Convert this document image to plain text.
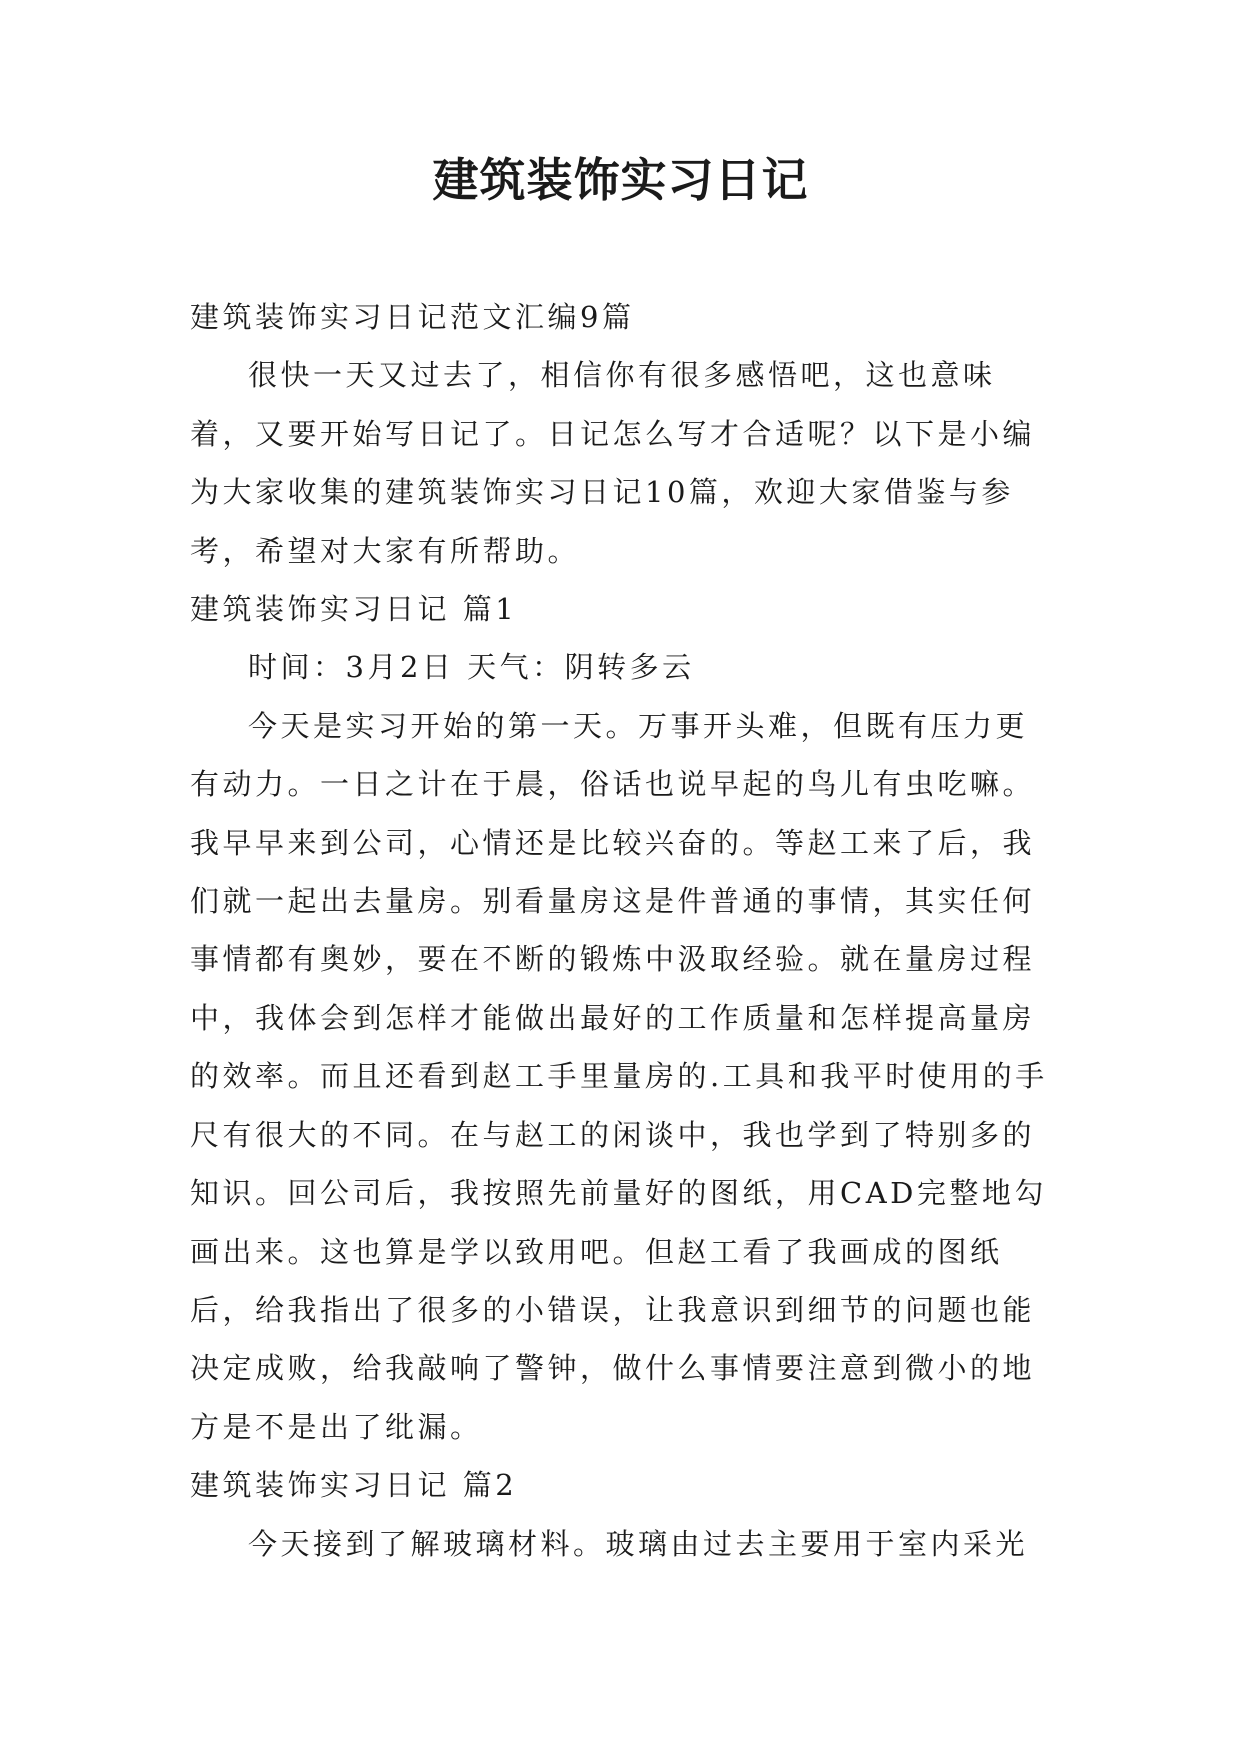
建筑装饰实习日记

建筑装饰实习日记范文汇编9篇

很快一天又过去了，相信你有很多感悟吧，这也意味着，又要开始写日记了。日记怎么写才合适呢？以下是小编为大家收集的建筑装饰实习日记10篇，欢迎大家借鉴与参考，希望对大家有所帮助。

建筑装饰实习日记 篇1

时间：3月2日 天气：阴转多云

今天是实习开始的第一天。万事开头难，但既有压力更有动力。一日之计在于晨，俗话也说早起的鸟儿有虫吃嘛。我早早来到公司，心情还是比较兴奋的。等赵工来了后，我们就一起出去量房。别看量房这是件普通的事情，其实任何事情都有奥妙，要在不断的锻炼中汲取经验。就在量房过程中，我体会到怎样才能做出最好的工作质量和怎样提高量房的效率。而且还看到赵工手里量房的.工具和我平时使用的手尺有很大的不同。在与赵工的闲谈中，我也学到了特别多的知识。回公司后，我按照先前量好的图纸，用CAD完整地勾画出来。这也算是学以致用吧。但赵工看了我画成的图纸后，给我指出了很多的小错误，让我意识到细节的问题也能决定成败，给我敲响了警钟，做什么事情要注意到微小的地方是不是出了纰漏。

建筑装饰实习日记 篇2

今天接到了解玻璃材料。玻璃由过去主要用于室内采光
